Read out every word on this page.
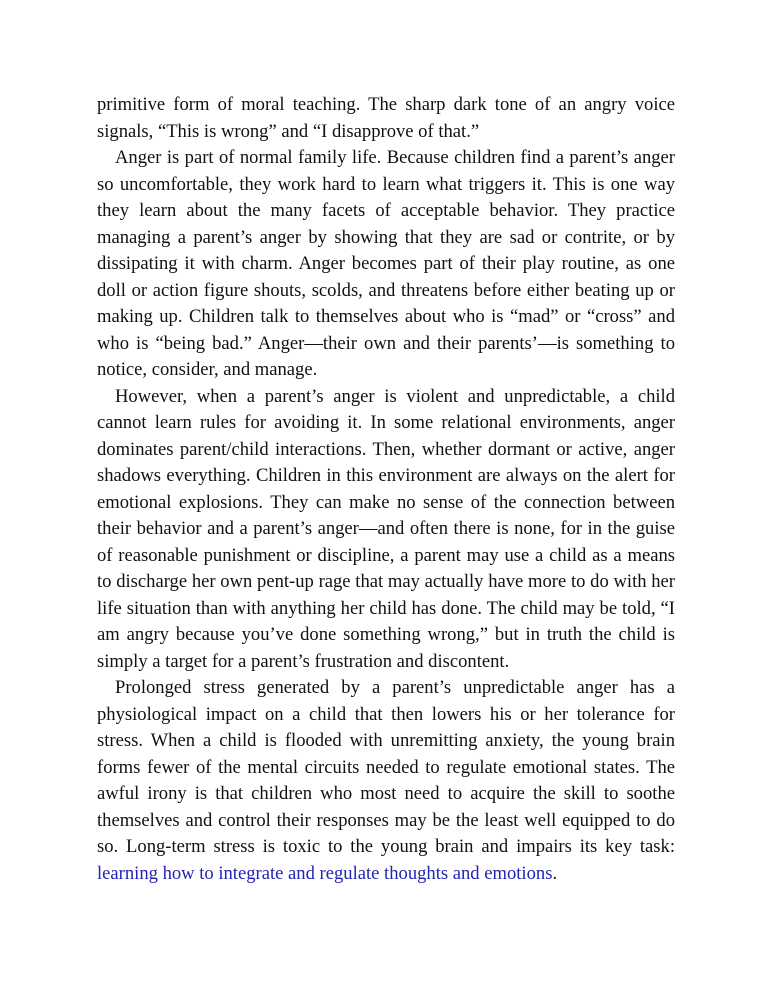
primitive form of moral teaching. The sharp dark tone of an angry voice signals, “This is wrong” and “I disapprove of that.”

Anger is part of normal family life. Because children find a parent’s anger so uncomfortable, they work hard to learn what triggers it. This is one way they learn about the many facets of acceptable behavior. They practice managing a parent’s anger by showing that they are sad or contrite, or by dissipating it with charm. Anger becomes part of their play routine, as one doll or action figure shouts, scolds, and threatens before either beating up or making up. Children talk to themselves about who is “mad” or “cross” and who is “being bad.” Anger—their own and their parents’—is something to notice, consider, and manage.

However, when a parent’s anger is violent and unpredictable, a child cannot learn rules for avoiding it. In some relational environments, anger dominates parent/child interactions. Then, whether dormant or active, anger shadows everything. Children in this environment are always on the alert for emotional explosions. They can make no sense of the connection between their behavior and a parent’s anger—and often there is none, for in the guise of reasonable punishment or discipline, a parent may use a child as a means to discharge her own pent-up rage that may actually have more to do with her life situation than with anything her child has done. The child may be told, “I am angry because you’ve done something wrong,” but in truth the child is simply a target for a parent’s frustration and discontent.

Prolonged stress generated by a parent’s unpredictable anger has a physiological impact on a child that then lowers his or her tolerance for stress. When a child is flooded with unremitting anxiety, the young brain forms fewer of the mental circuits needed to regulate emotional states. The awful irony is that children who most need to acquire the skill to soothe themselves and control their responses may be the least well equipped to do so. Long-term stress is toxic to the young brain and impairs its key task: learning how to integrate and regulate thoughts and emotions.
